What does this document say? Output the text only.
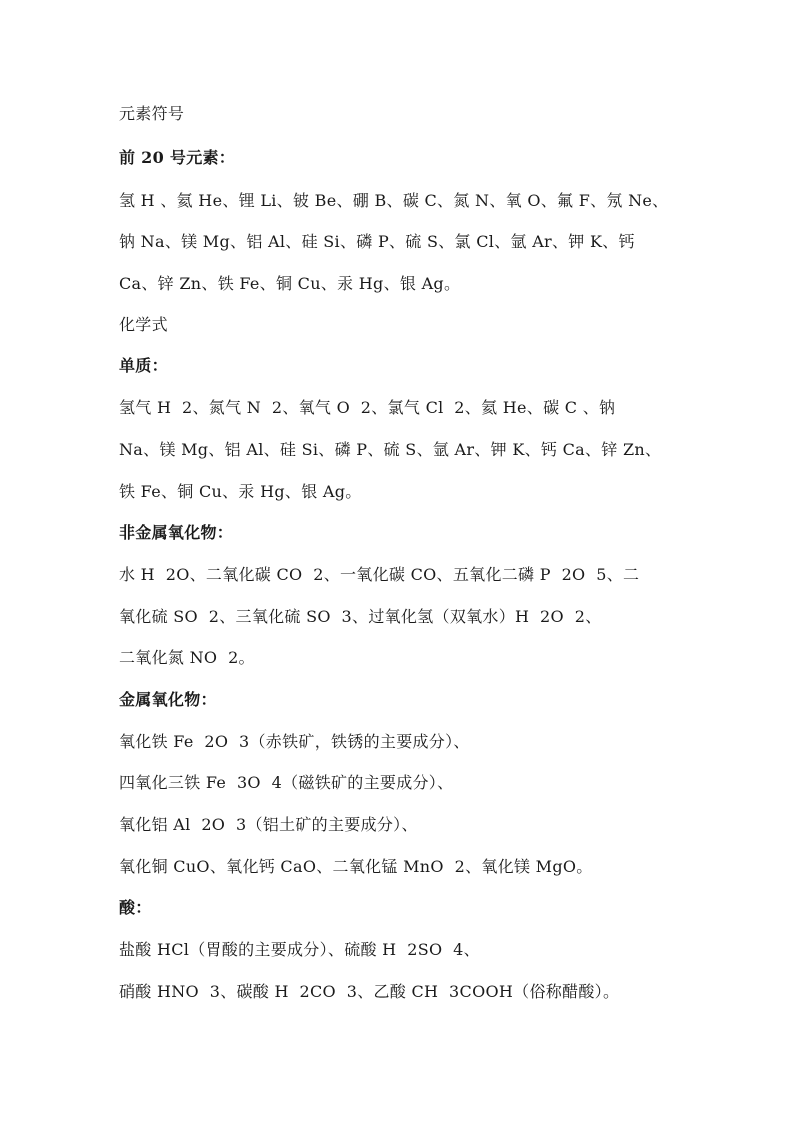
元素符号
前 20 号元素：
氢 H 、氦 He、锂 Li、铍 Be、硼 B、碳 C、氮 N、氧 O、氟 F、氖 Ne、
钠 Na、镁 Mg、铝 Al、硅 Si、磷 P、硫 S、氯 Cl、氩 Ar、钾 K、钙
Ca、锌 Zn、铁 Fe、铜 Cu、汞 Hg、银 Ag。
化学式
单质：
氢气 H  2、氮气 N  2、氧气 O  2、氯气 Cl  2、氦 He、碳 C 、钠
Na、镁 Mg、铝 Al、硅 Si、磷 P、硫 S、氩 Ar、钾 K、钙 Ca、锌 Zn、
铁 Fe、铜 Cu、汞 Hg、银 Ag。
非金属氧化物：
水 H  2O、二氧化碳 CO  2、一氧化碳 CO、五氧化二磷 P  2O  5、二
氧化硫 SO  2、三氧化硫 SO  3、过氧化氢（双氧水）H  2O  2、
二氧化氮 NO  2。
金属氧化物：
氧化铁 Fe  2O  3（赤铁矿，铁锈的主要成分）、
四氧化三铁 Fe  3O  4（磁铁矿的主要成分）、
氧化铝 Al  2O  3（铝土矿的主要成分）、
氧化铜 CuO、氧化钙 CaO、二氧化锰 MnO  2、氧化镁 MgO。
酸：
盐酸 HCl（胃酸的主要成分）、硫酸 H  2SO  4、
硝酸 HNO  3、碳酸 H  2CO  3、乙酸 CH  3COOH（俗称醋酸）。
